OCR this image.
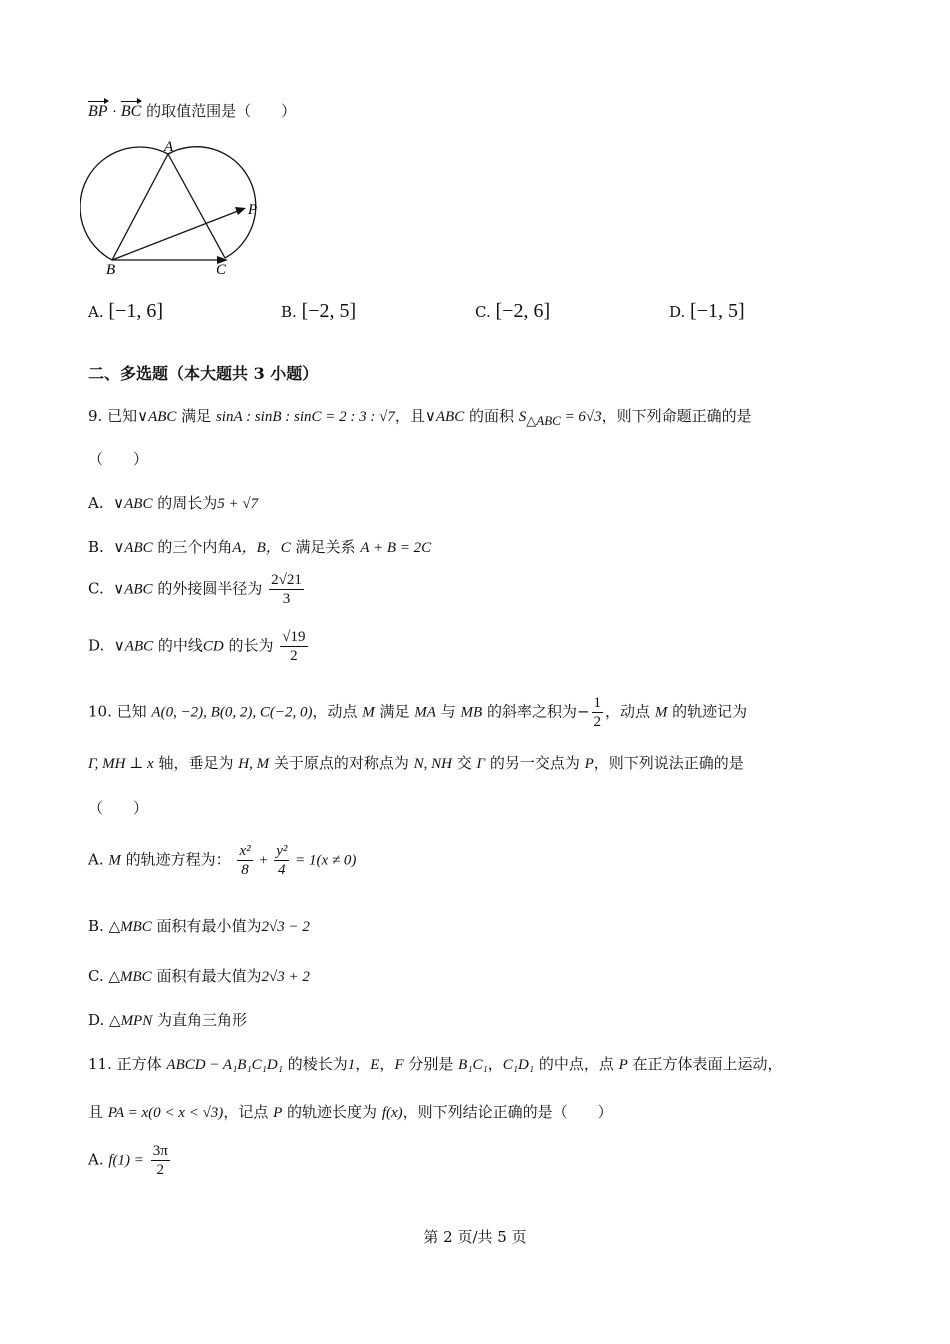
BP · BC 的取值范围是（　　）
A
B	C
P
A. [−1, 6]	B. [−2, 5]	C. [−2, 6]	D. [−1, 5]
二、多选题（本大题共 3 小题）
9. 已知∨ABC 满足 sinA : sinB : sinC = 2 : 3 : √7，且∨ABC 的面积 $S_{\triangle ABC} = 6√3$，则下列命题正确的是
（　　）
A.  ∨ABC 的周长为5 + √7
B.  ∨ABC 的三个内角A，B，C 满足关系 A + B = 2C
C.  ∨ABC 的外接圆半径为 $\frac{2√21}{3}$
D.  ∨ABC 的中线CD 的长为 $\frac{√19}{2}$
10. 已知 A(0, −2), B(0, 2), C(−2, 0)，动点 M 满足 MA 与 MB 的斜率之积为− $\frac{1}{2}$ ，动点 M 的轨迹记为
Γ, MH ⊥ x 轴，垂足为 H, M 关于原点的对称点为 N, NH 交 Γ 的另一交点为 P，则下列说法正确的是
（　　）
A. M 的轨迹方程为： $\frac{\text{x²}}{8} + \frac{\text{y²}}{4} = 1(x \ne 0)$
B. △MBC 面积有最小值为2√3 − 2
C. △MBC 面积有最大值为2√3 + 2
D. △MPN 为直角三角形
11. 正方体 ABCD − A₁B₁C₁D₁ 的棱长为1，E，F 分别是 B₁C₁，C₁D₁ 的中点，点 P 在正方体表面上运动，
且 PA = x(0 < x < √3)，记点 P 的轨迹长度为 f(x)，则下列结论正确的是（　　）
A. $f(1) = \frac{3\pi}{2}$
第 2 页/共 5 页
